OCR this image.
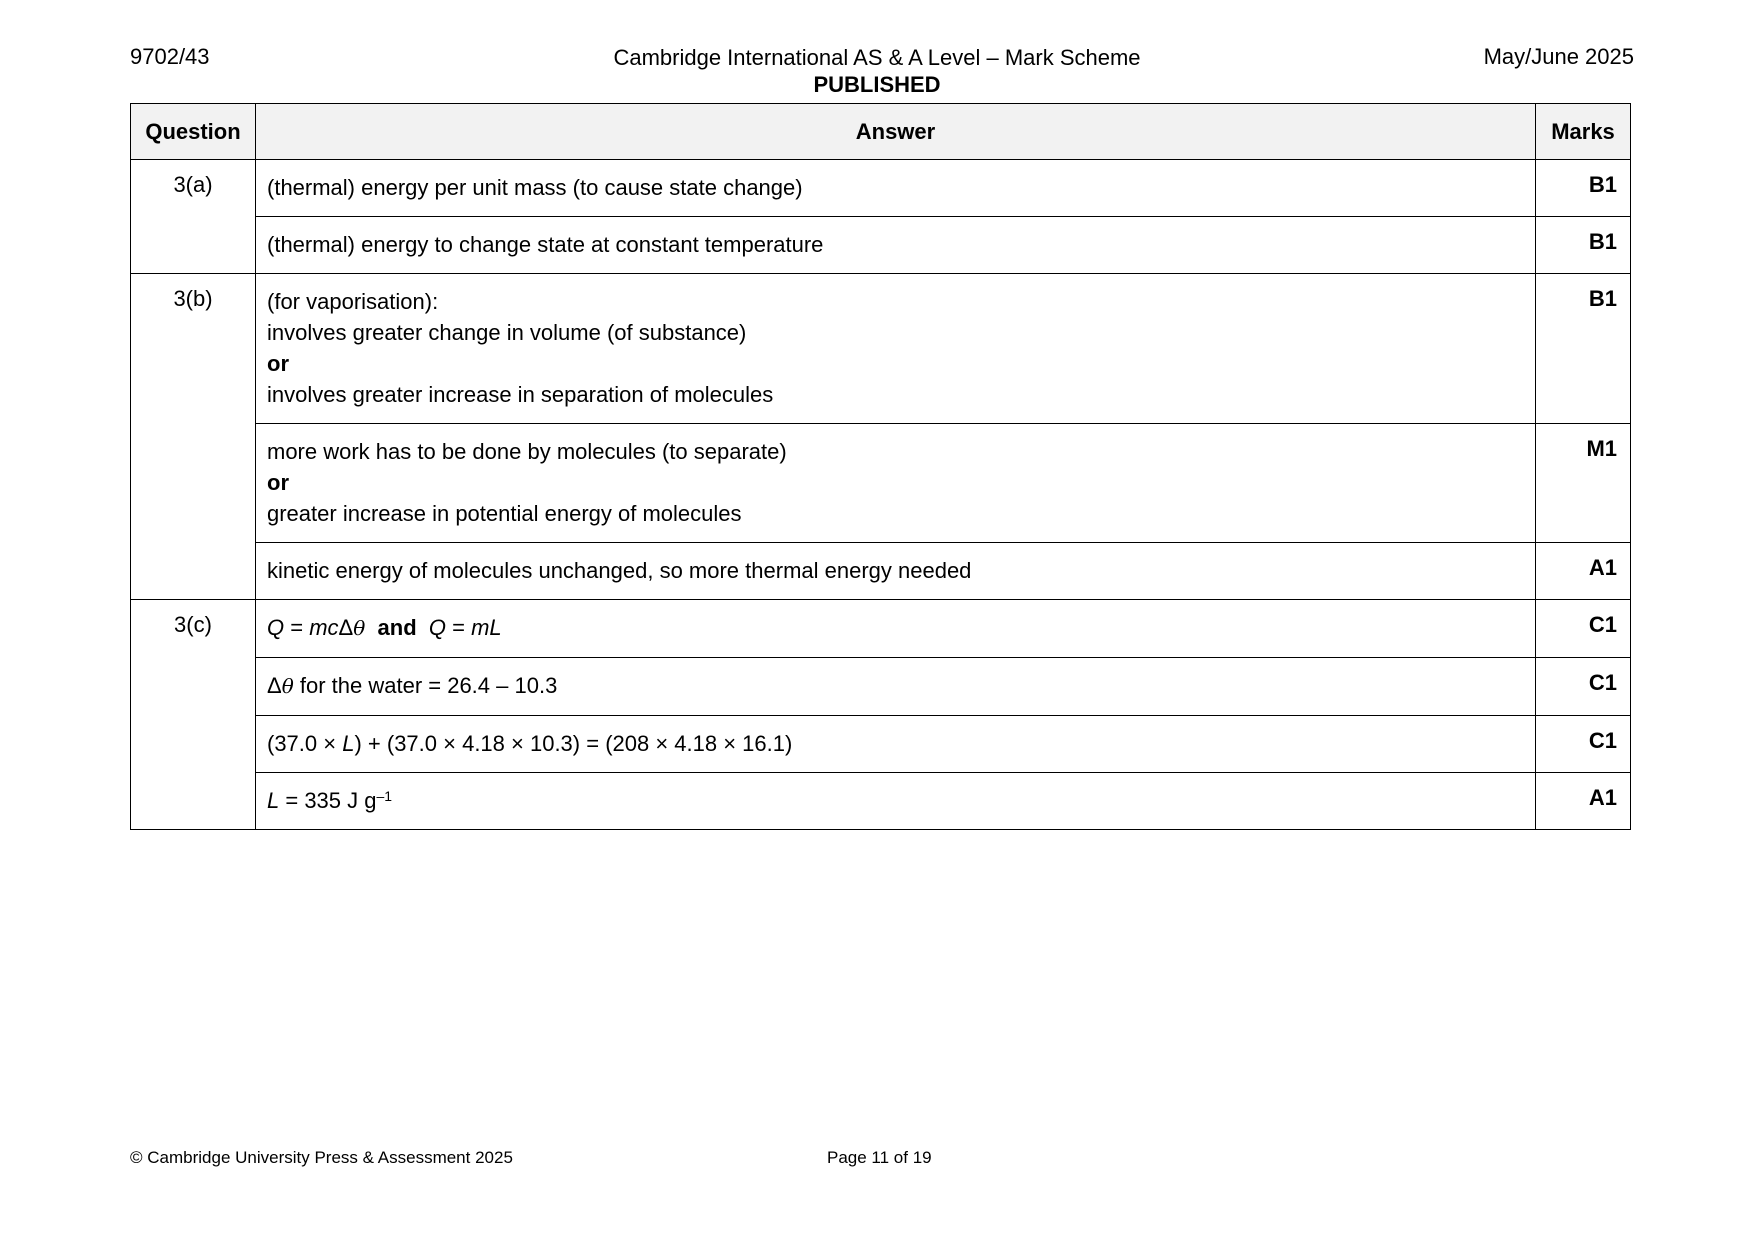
9702/43	Cambridge International AS & A Level – Mark Scheme
PUBLISHED
May/June 2025
Question	Answer	Marks
3(a)	(thermal) energy per unit mass (to cause state change)	B1
	(thermal) energy to change state at constant temperature	B1
3(b)	(for vaporisation):
involves greater change in volume (of substance)
or
involves greater increase in separation of molecules	B1

	more work has to be done by molecules (to separate)
or
greater increase in potential energy of molecules	M1
	kinetic energy of molecules unchanged, so more thermal energy needed	A1
3(c)	Q = mcΔθ and Q = mL	C1
	Δθ for the water = 26.4 – 10.3	C1
	(37.0 × L) + (37.0 × 4.18 × 10.3) = (208 × 4.18 × 16.1)	C1
	L = 335 J $g^{-1}$	A1
© Cambridge University Press & Assessment 2025	Page 11 of 19
